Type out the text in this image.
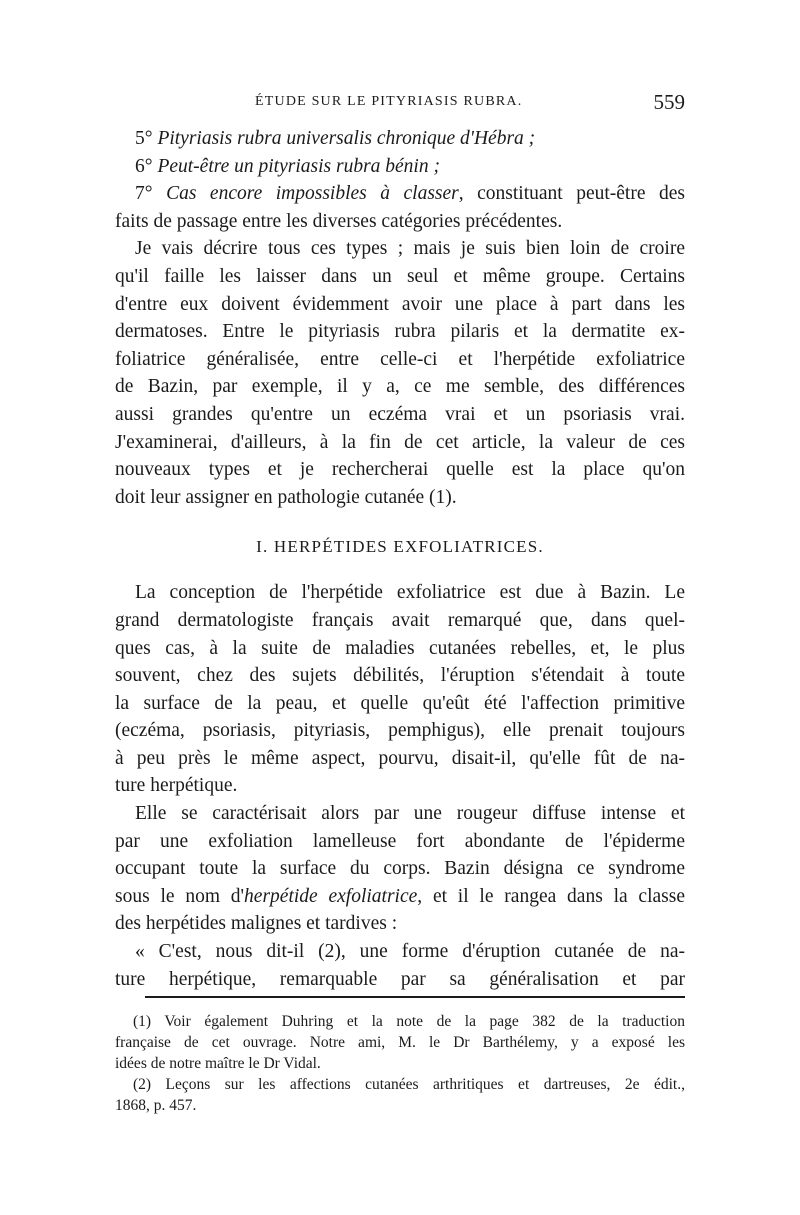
ÉTUDE SUR LE PITYRIASIS RUBRA.	559
5° Pityriasis rubra universalis chronique d'Hébra ;
6° Peut-être un pityriasis rubra bénin ;
7° Cas encore impossibles à classer, constituant peut-être des
faits de passage entre les diverses catégories précédentes.
Je vais décrire tous ces types ; mais je suis bien loin de croire
qu'il faille les laisser dans un seul et même groupe. Certains
d'entre eux doivent évidemment avoir une place à part dans les
dermatoses. Entre le pityriasis rubra pilaris et la dermatite ex-
foliatrice généralisée, entre celle-ci et l'herpétide exfoliatrice
de Bazin, par exemple, il y a, ce me semble, des différences
aussi grandes qu'entre un eczéma vrai et un psoriasis vrai.
J'examinerai, d'ailleurs, à la fin de cet article, la valeur de ces
nouveaux types et je rechercherai quelle est la place qu'on
doit leur assigner en pathologie cutanée (1).
I. HERPÉTIDES EXFOLIATRICES.
La conception de l'herpétide exfoliatrice est due à Bazin. Le
grand dermatologiste français avait remarqué que, dans quel-
ques cas, à la suite de maladies cutanées rebelles, et, le plus
souvent, chez des sujets débilités, l'éruption s'étendait à toute
la surface de la peau, et quelle qu'eût été l'affection primitive
(eczéma, psoriasis, pityriasis, pemphigus), elle prenait toujours
à peu près le même aspect, pourvu, disait-il, qu'elle fût de na-
ture herpétique.
Elle se caractérisait alors par une rougeur diffuse intense et
par une exfoliation lamelleuse fort abondante de l'épiderme
occupant toute la surface du corps. Bazin désigna ce syndrome
sous le nom d'herpétide exfoliatrice, et il le rangea dans la classe
des herpétides malignes et tardives :
« C'est, nous dit-il (2), une forme d'éruption cutanée de na-
ture herpétique, remarquable par sa généralisation et par
(1) Voir également Duhring et la note de la page 382 de la traduction
française de cet ouvrage. Notre ami, M. le Dr Barthélemy, y a exposé les
idées de notre maître le Dr Vidal.
(2) Leçons sur les affections cutanées arthritiques et dartreuses, 2e édit.,
1868, p. 457.
